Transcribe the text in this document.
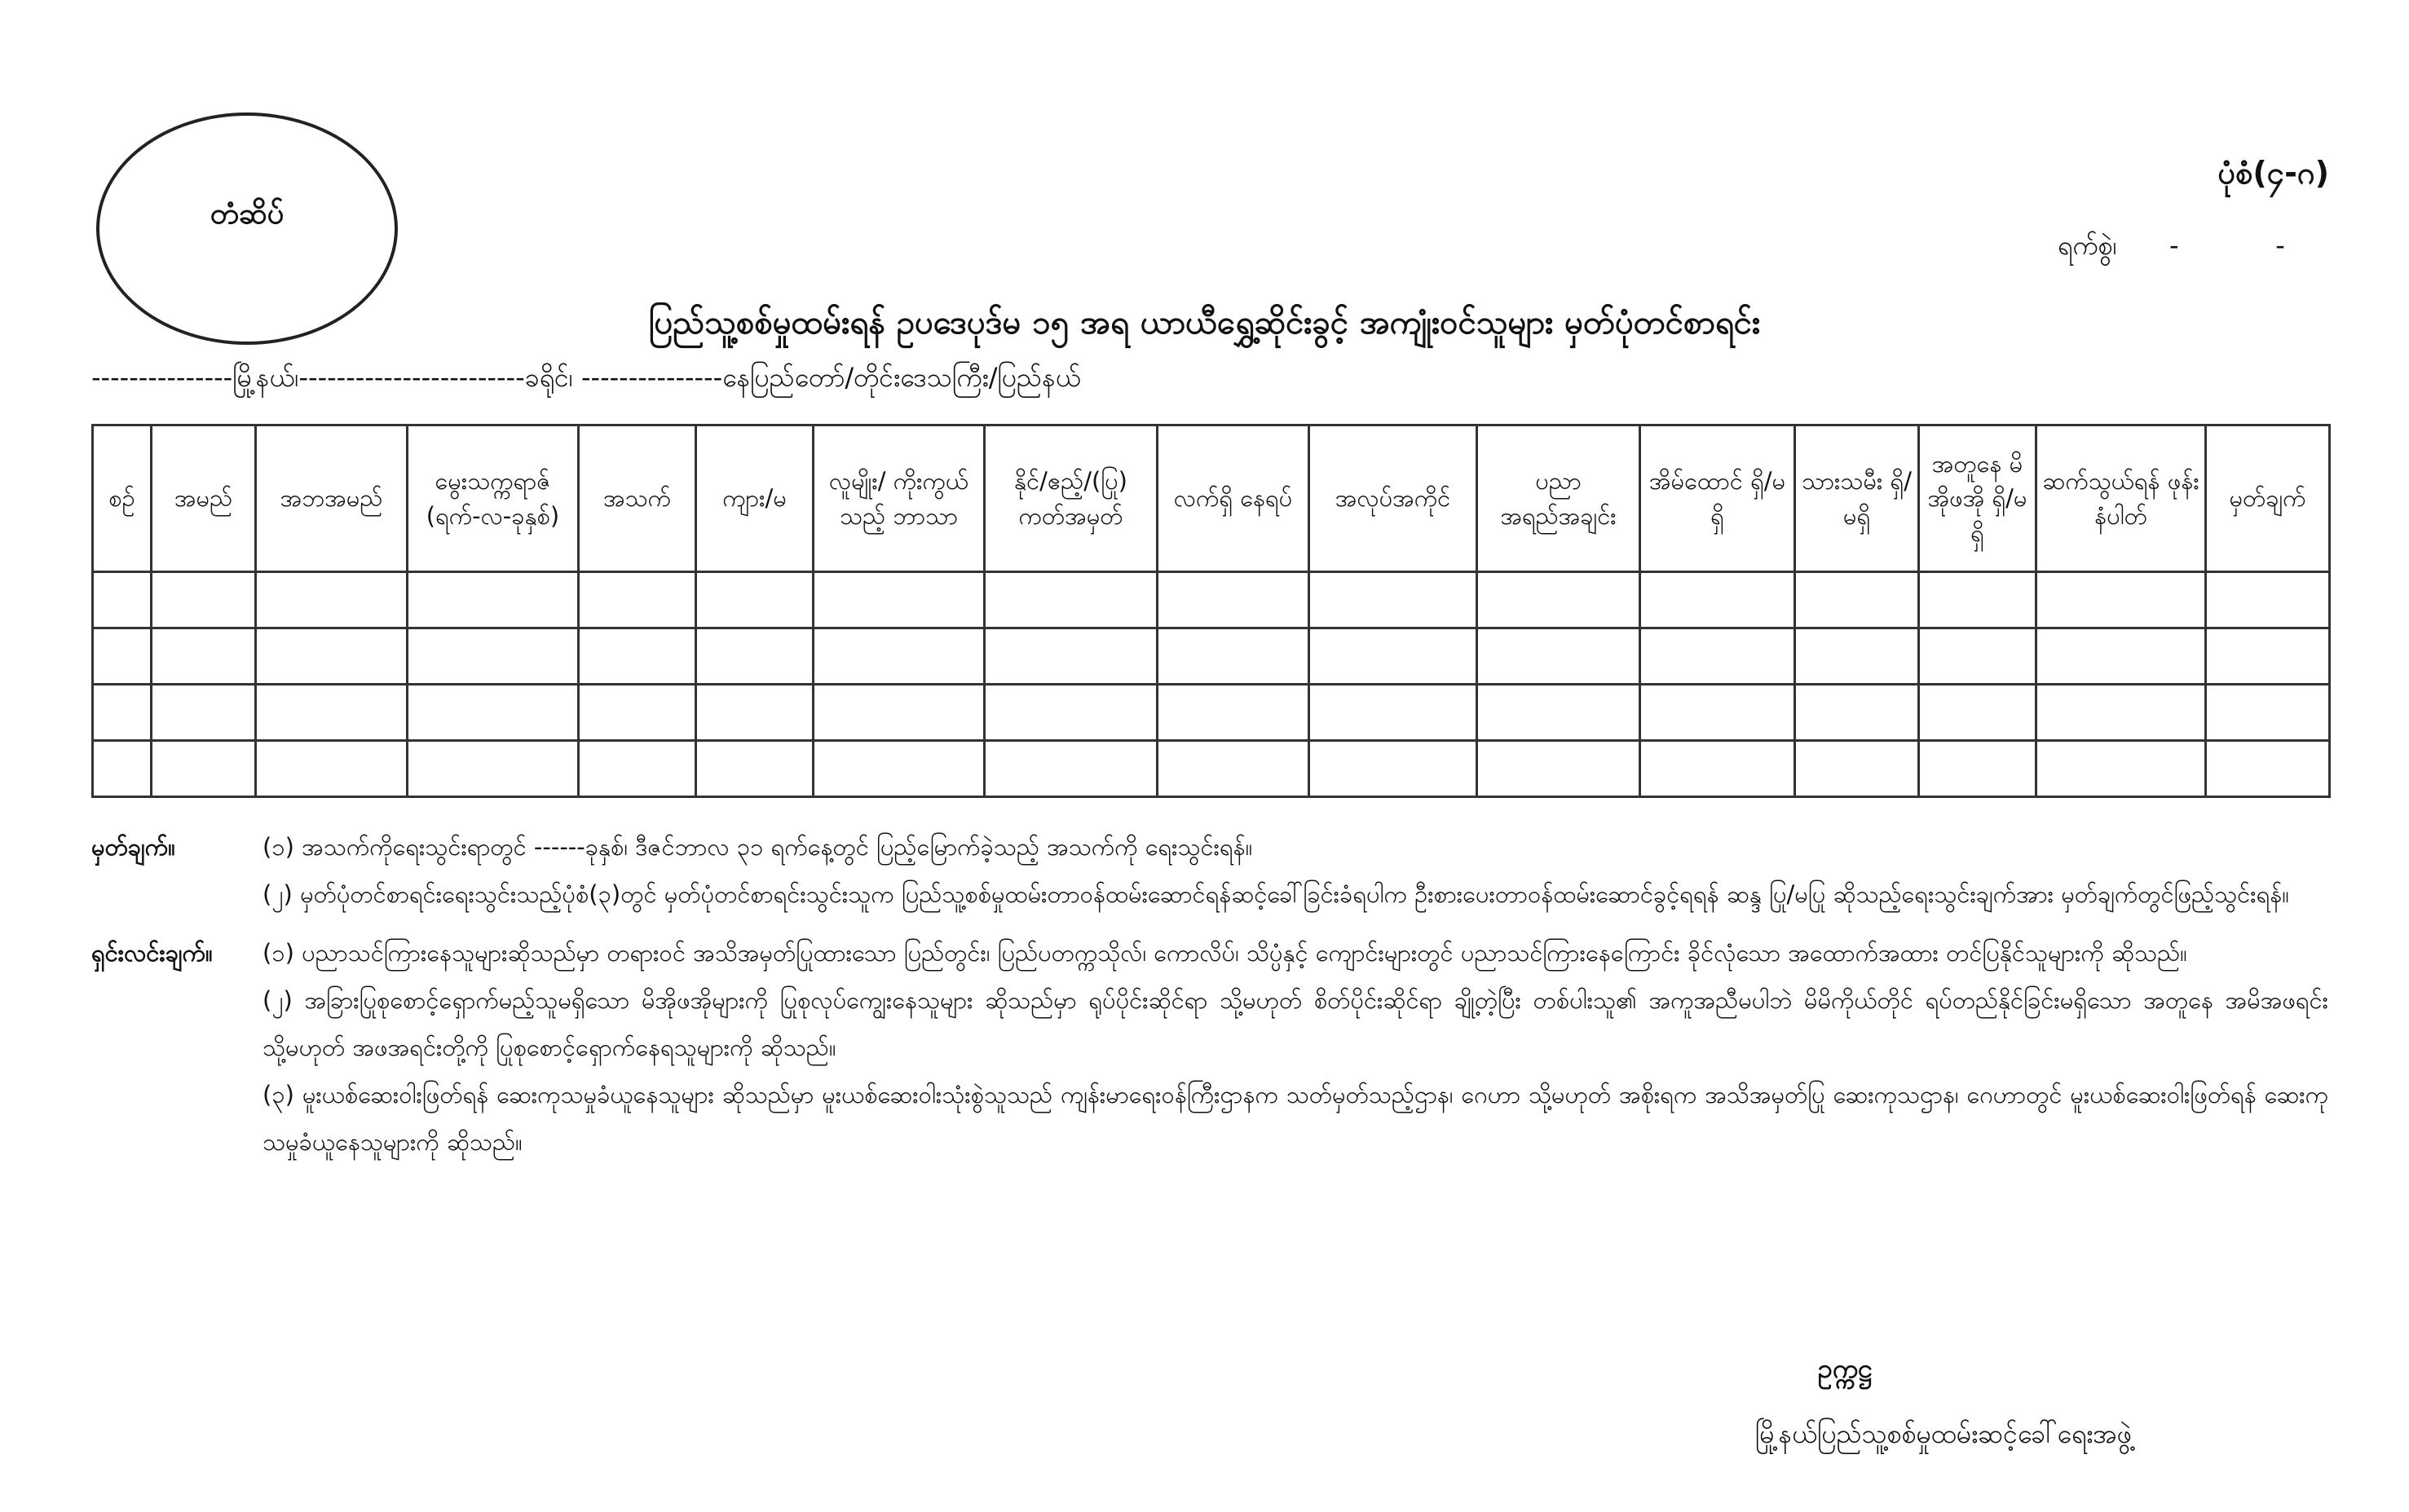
တံဆိပ်
ပုံစံ(၄-ဂ)
ရက်စွဲ၊ -	-
ပြည်သူ့စစ်မှုထမ်းရန် ဥပဒေပုဒ်မ ၁၅ အရ ယာယီရွှေ့ဆိုင်းခွင့် အကျုံးဝင်သူများ မှတ်ပုံတင်စာရင်း
---------------မြို့နယ်၊------------------------ခရိုင်၊ ---------------နေပြည်တော်/တိုင်းဒေသကြီး/ပြည်နယ်
စဉ်	အမည်	အဘအမည်	မွေးသက္ကရာဇ် (ရက်-လ-ခုနှစ်)	အသက်	ကျား/မ	လူမျိုး/ ကိုးကွယ်သည့် ဘာသာ	နိုင်/ဧည့်/(ပြု) ကတ်အမှတ်	လက်ရှိ နေရပ်	အလုပ်အကိုင်	ပညာ အရည်အချင်း	အိမ်ထောင် ရှိ/မရှိ	သားသမီး ရှိ/မရှိ	အတူနေ မိအိုဖအို ရှိ/မရှိ	ဆက်သွယ်ရန် ဖုန်းနံပါတ်	မှတ်ချက်

မှတ်ချက်။	(၁) အသက်ကိုရေးသွင်းရာတွင် ------ခုနှစ်၊ ဒီဇင်ဘာလ ၃၁ ရက်နေ့တွင် ပြည့်မြောက်ခဲ့သည့် အသက်ကို ရေးသွင်းရန်။
(၂) မှတ်ပုံတင်စာရင်းရေးသွင်းသည့်ပုံစံ(၃)တွင် မှတ်ပုံတင်စာရင်းသွင်းသူက ပြည်သူ့စစ်မှုထမ်းတာဝန်ထမ်းဆောင်ရန်ဆင့်ခေါ်ခြင်းခံရပါက ဦးစားပေးတာဝန်ထမ်းဆောင်ခွင့်ရရန် ဆန္ဒ ပြု/မပြု ဆိုသည့်ရေးသွင်းချက်အား မှတ်ချက်တွင်ဖြည့်သွင်းရန်။
ရှင်းလင်းချက်။	(၁) ပညာသင်ကြားနေသူများဆိုသည်မှာ တရားဝင် အသိအမှတ်ပြုထားသော ပြည်တွင်း၊ ပြည်ပတက္ကသိုလ်၊ ကောလိပ်၊ သိပ္ပံနှင့် ကျောင်းများတွင် ပညာသင်ကြားနေကြောင်း ခိုင်လုံသော အထောက်အထား တင်ပြနိုင်သူများကို ဆိုသည်။
(၂) အခြားပြုစုစောင့်ရှောက်မည့်သူမရှိသော မိအိုဖအိုများကို ပြုစုလုပ်ကျွေးနေသူများ ဆိုသည်မှာ ရုပ်ပိုင်းဆိုင်ရာ သို့မဟုတ် စိတ်ပိုင်းဆိုင်ရာ ချို့တဲ့ပြီး တစ်ပါးသူ၏ အကူအညီမပါဘဲ မိမိကိုယ်တိုင် ရပ်တည်နိုင်ခြင်းမရှိသော အတူနေ အမိအဖရင်း သို့မဟုတ် အဖအရင်းတို့ကို ပြုစုစောင့်ရှောက်နေရသူများကို ဆိုသည်။
(၃) မူးယစ်ဆေးဝါးဖြတ်ရန် ဆေးကုသမှုခံယူနေသူများ ဆိုသည်မှာ မူးယစ်ဆေးဝါးသုံးစွဲသူသည် ကျန်းမာရေးဝန်ကြီးဌာနက သတ်မှတ်သည့်ဌာန၊ ဂေဟာ သို့မဟုတ် အစိုးရက အသိအမှတ်ပြု ဆေးကုသဌာန၊ ဂေဟာတွင် မူးယစ်ဆေးဝါးဖြတ်ရန် ဆေးကုသမှုခံယူနေသူများကို ဆိုသည်။
ဥက္ကဋ္ဌ
မြို့နယ်ပြည်သူ့စစ်မှုထမ်းဆင့်ခေါ်ရေးအဖွဲ့
